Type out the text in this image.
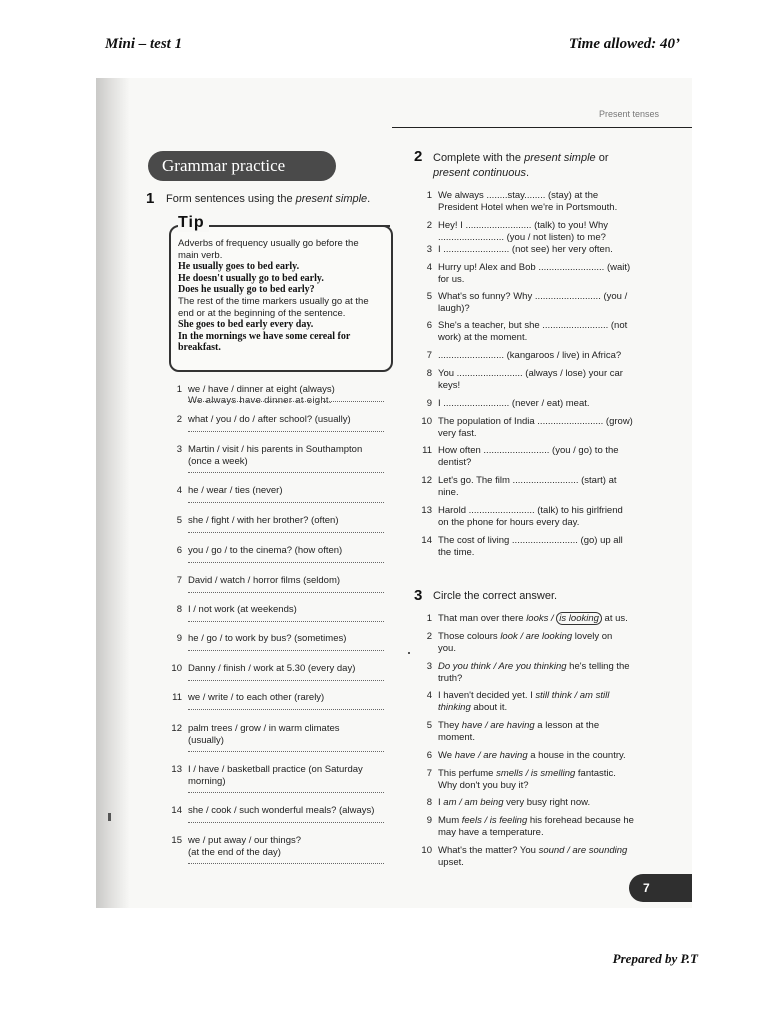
Mini – test 1	Time allowed: 40’
Present tenses
Grammar practice
1 Form sentences using the present simple.
Tip
Adverbs of frequency usually go before the
main verb.
He usually goes to bed early.
He doesn't usually go to bed early.
Does he usually go to bed early?
The rest of the time markers usually go at the
end or at the beginning of the sentence.
She goes to bed early every day.
In the mornings we have some cereal for
breakfast.
1 we / have / dinner at eight (always)
We always have dinner at eight.
2 what / you / do / after school? (usually)
3 Martin / visit / his parents in Southampton
(once a week)
4 he / wear / ties (never)
5 she / fight / with her brother? (often)
6 you / go / to the cinema? (how often)
7 David / watch / horror films (seldom)
8 I / not work (at weekends)
9 he / go / to work by bus? (sometimes)
10 Danny / finish / work at 5.30 (every day)
11 we / write / to each other (rarely)
12 palm trees / grow / in warm climates
(usually)
13 I / have / basketball practice (on Saturday
morning)
14 she / cook / such wonderful meals? (always)
15 we / put away / our things?
(at the end of the day)
2 Complete with the present simple or
present continuous.
1 We always ........stay........ (stay) at the
President Hotel when we're in Portsmouth.
2 Hey! I ......................... (talk) to you! Why
......................... (you / not listen) to me?
3 I ......................... (not see) her very often.
4 Hurry up! Alex and Bob ......................... (wait)
for us.
5 What's so funny? Why ......................... (you /
laugh)?
6 She's a teacher, but she ......................... (not
work) at the moment.
7 ......................... (kangaroos / live) in Africa?
8 You ......................... (always / lose) your car
keys!
9 I ......................... (never / eat) meat.
10 The population of India ......................... (grow)
very fast.
11 How often ......................... (you / go) to the
dentist?
12 Let's go. The film ......................... (start) at
nine.
13 Harold ......................... (talk) to his girlfriend
on the phone for hours every day.
14 The cost of living ......................... (go) up all
the time.
3 Circle the correct answer.
1 That man over there looks / is looking at us.
2 Those colours look / are looking lovely on
you.
3 Do you think / Are you thinking he's telling the
truth?
4 I haven't decided yet. I still think / am still
thinking about it.
5 They have / are having a lesson at the
moment.
6 We have / are having a house in the country.
7 This perfume smells / is smelling fantastic.
Why don't you buy it?
8 I am / am being very busy right now.
9 Mum feels / is feeling his forehead because he
may have a temperature.
10 What's the matter? You sound / are sounding
upset.
7
Prepared by P.T
